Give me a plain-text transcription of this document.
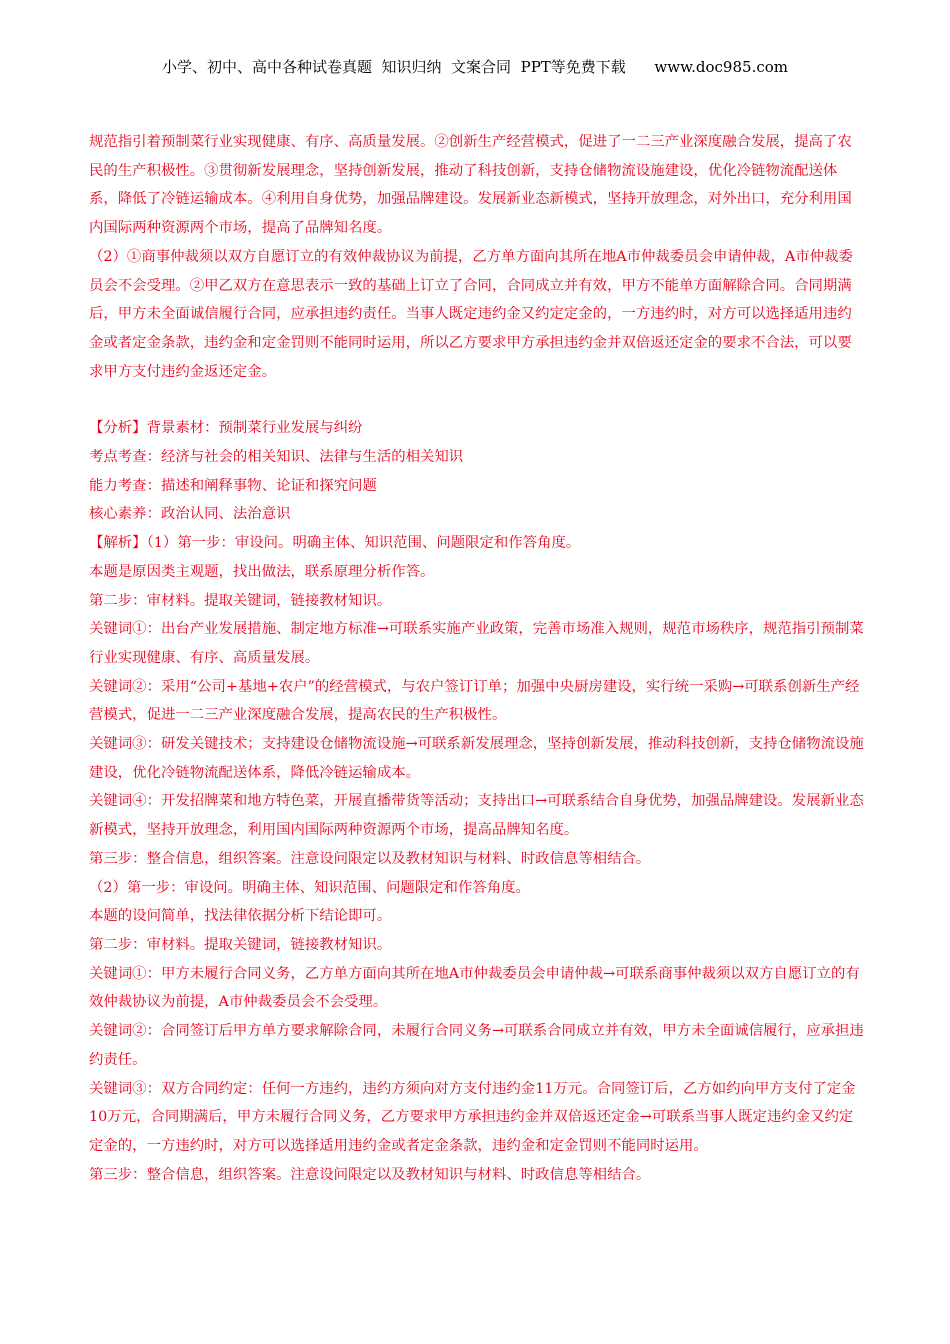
小学、初中、高中各种试卷真题  知识归纳  文案合同  PPT等免费下载      www.doc985.com

规范指引着预制菜行业实现健康、有序、高质量发展。②创新生产经营模式，促进了一二三产业深度融合发展，提高了农民的生产积极性。③贯彻新发展理念，坚持创新发展，推动了科技创新，支持仓储物流设施建设，优化冷链物流配送体系，降低了冷链运输成本。④利用自身优势，加强品牌建设。发展新业态新模式，坚持开放理念，对外出口，充分利用国内国际两种资源两个市场，提高了品牌知名度。

（2）①商事仲裁须以双方自愿订立的有效仲裁协议为前提，乙方单方面向其所在地A市仲裁委员会申请仲裁，A市仲裁委员会不会受理。②甲乙双方在意思表示一致的基础上订立了合同，合同成立并有效，甲方不能单方面解除合同。合同期满后，甲方未全面诚信履行合同，应承担违约责任。当事人既定违约金又约定定金的，一方违约时，对方可以选择适用违约金或者定金条款，违约金和定金罚则不能同时运用，所以乙方要求甲方承担违约金并双倍返还定金的要求不合法，可以要求甲方支付违约金返还定金。

【分析】背景素材：预制菜行业发展与纠纷

考点考查：经济与社会的相关知识、法律与生活的相关知识

能力考查：描述和阐释事物、论证和探究问题

核心素养：政治认同、法治意识

【解析】（1）第一步：审设问。明确主体、知识范围、问题限定和作答角度。

本题是原因类主观题，找出做法，联系原理分析作答。

第二步：审材料。提取关键词，链接教材知识。

关键词①：出台产业发展措施、制定地方标准→可联系实施产业政策，完善市场准入规则，规范市场秩序，规范指引预制菜行业实现健康、有序、高质量发展。

关键词②：采用“公司+基地+农户”的经营模式，与农户签订订单；加强中央厨房建设，实行统一采购→可联系创新生产经营模式，促进一二三产业深度融合发展，提高农民的生产积极性。

关键词③：研发关键技术；支持建设仓储物流设施→可联系新发展理念，坚持创新发展，推动科技创新，支持仓储物流设施建设，优化冷链物流配送体系，降低冷链运输成本。

关键词④：开发招牌菜和地方特色菜，开展直播带货等活动；支持出口→可联系结合自身优势，加强品牌建设。发展新业态新模式，坚持开放理念，利用国内国际两种资源两个市场，提高品牌知名度。

第三步：整合信息，组织答案。注意设问限定以及教材知识与材料、时政信息等相结合。

（2）第一步：审设问。明确主体、知识范围、问题限定和作答角度。

本题的设问简单，找法律依据分析下结论即可。

第二步：审材料。提取关键词，链接教材知识。

关键词①：甲方未履行合同义务，乙方单方面向其所在地A市仲裁委员会申请仲裁→可联系商事仲裁须以双方自愿订立的有效仲裁协议为前提，A市仲裁委员会不会受理。

关键词②：合同签订后甲方单方要求解除合同，未履行合同义务→可联系合同成立并有效，甲方未全面诚信履行，应承担违约责任。

关键词③：双方合同约定：任何一方违约，违约方须向对方支付违约金11万元。合同签订后，乙方如约向甲方支付了定金10万元，合同期满后，甲方未履行合同义务，乙方要求甲方承担违约金并双倍返还定金→可联系当事人既定违约金又约定定金的，一方违约时，对方可以选择适用违约金或者定金条款，违约金和定金罚则不能同时运用。

第三步：整合信息，组织答案。注意设问限定以及教材知识与材料、时政信息等相结合。
